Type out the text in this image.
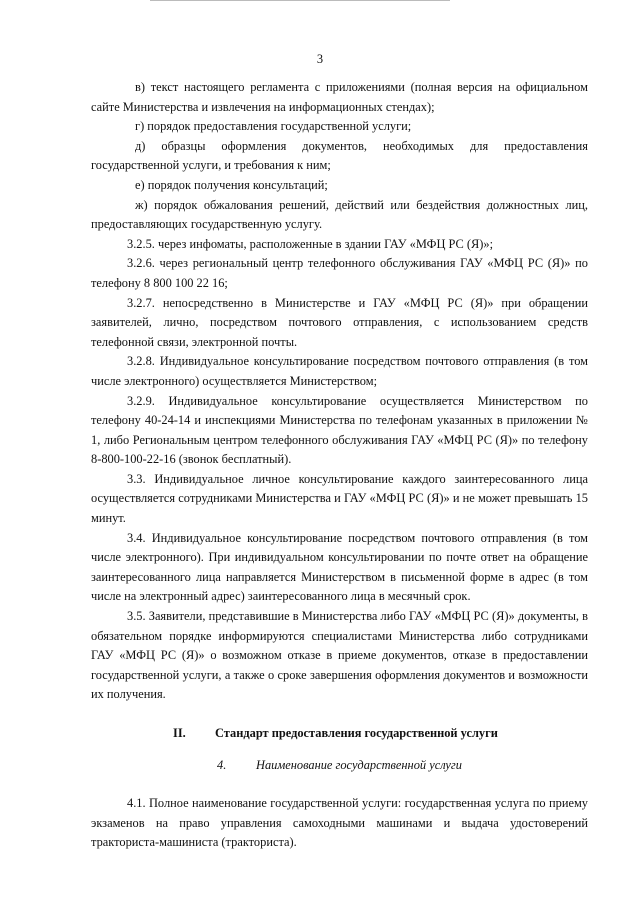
3

в) текст настоящего регламента с приложениями (полная версия на официальном сайте Министерства и извлечения на информационных стендах);

г) порядок предоставления государственной услуги;

д) образцы оформления документов, необходимых для предоставления государственной услуги, и требования к ним;

е) порядок получения консультаций;

ж) порядок обжалования решений, действий или бездействия должностных лиц, предоставляющих государственную услугу.

3.2.5. через инфоматы, расположенные в здании ГАУ «МФЦ РС (Я)»;

3.2.6. через региональный центр телефонного обслуживания ГАУ «МФЦ РС (Я)» по телефону 8 800 100 22 16;

3.2.7. непосредственно в Министерстве и ГАУ «МФЦ РС (Я)» при обращении заявителей, лично, посредством почтового отправления, с использованием средств телефонной связи, электронной почты.

3.2.8. Индивидуальное консультирование посредством почтового отправления (в том числе электронного) осуществляется Министерством;

3.2.9. Индивидуальное консультирование осуществляется Министерством по телефону 40-24-14 и инспекциями Министерства по телефонам указанных в приложении № 1, либо Региональным центром телефонного обслуживания ГАУ «МФЦ РС (Я)» по телефону 8-800-100-22-16 (звонок бесплатный).

3.3. Индивидуальное личное консультирование каждого заинтересованного лица осуществляется сотрудниками Министерства и ГАУ «МФЦ РС (Я)» и не может превышать 15 минут.

3.4. Индивидуальное консультирование посредством почтового отправления (в том числе электронного). При индивидуальном консультировании по почте ответ на обращение заинтересованного лица направляется Министерством в письменной форме в адрес (в том числе на электронный адрес) заинтересованного лица в месячный срок.

3.5. Заявители, представившие в Министерства либо ГАУ «МФЦ РС (Я)» документы, в обязательном порядке информируются специалистами Министерства либо сотрудниками ГАУ «МФЦ РС (Я)» о возможном отказе в приеме документов, отказе в предоставлении государственной услуги, а также о сроке завершения оформления документов и возможности их получения.

II. Стандарт предоставления государственной услуги
4. Наименование государственной услуги

4.1. Полное наименование государственной услуги: государственная услуга по приему экзаменов на право управления самоходными машинами и выдача удостоверений тракториста-машиниста (тракториста).
